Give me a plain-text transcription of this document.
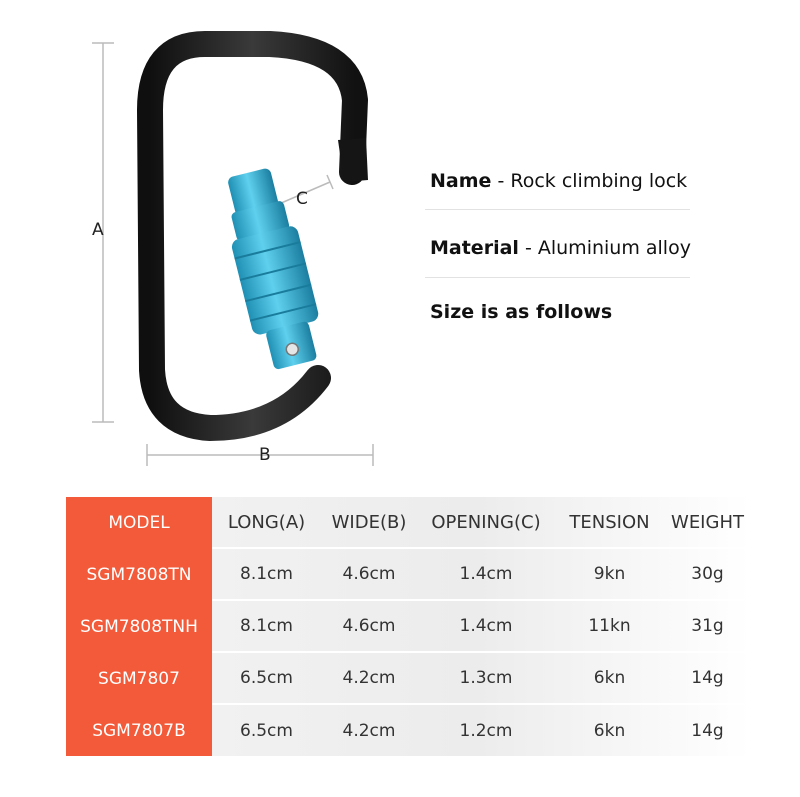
A
B
C
Name - Rock climbing lock
Material - Aluminium alloy
Size is as follows
MODEL	LONG(A)	WIDE(B)	OPENING(C)	TENSION	WEIGHT
SGM7808TN	8.1cm	4.6cm	1.4cm	9kn	30g
SGM7808TNH	8.1cm	4.6cm	1.4cm	11kn	31g
SGM7807	6.5cm	4.2cm	1.3cm	6kn	14g
SGM7807B	6.5cm	4.2cm	1.2cm	6kn	14g
